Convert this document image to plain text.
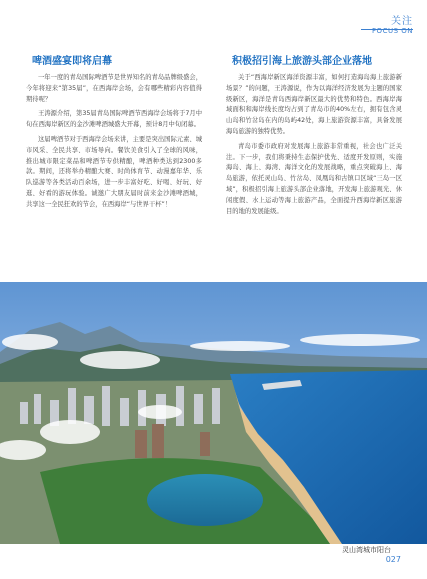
关注
FOCUS ON
啤酒盛宴即将启幕

一年一度的青岛国际啤酒节是世界知名的青岛品牌级盛会，今年将迎来“第35届”，在西海岸会场，会有哪些精彩内容值得期待呢？

王涛源介绍，第35届青岛国际啤酒节西海岸会场将于7月中旬在西海岸新区的金沙滩啤酒城盛大开幕，预计8月中旬闭幕。

这届啤酒节对于西海岸会场来讲，主要是突出国际元素、城市风采、全民共享、市场导向。餐饮美食引入了全球的风味，推出城市限定菜品和啤酒节专供精酿，啤酒种类达到2300多款。期间，还将举办精酿大赛、时尚体育节、动漫嘉年华、乐队巡游等各类活动百余场，进一步丰富好吃、好喝、好玩、好逛、好看的游玩体验。诚邀广大朋友届时前来金沙滩啤酒城，共享这一全民狂欢的节会，在西海岸“与世界干杯”！

积极招引海上旅游头部企业落地

关于“西海岸新区海洋资源丰富，如何打造海岛海上旅游新场景？”的问题，王涛源说，作为以海洋经济发展为主题的国家级新区，海洋是青岛西海岸新区最大的优势和特色。西海岸海域面积和海岸线长度均占到了青岛市的40%左右，拥有包含灵山岛和竹岔岛在内的岛屿42处，海上旅游资源丰富，具备发展海岛旅游的独特优势。

青岛市委市政府对发展海上旅游非常重视，社会也广泛关注。下一步，我们将秉持生态保护优先、适度开发原则，实施海岛、海上、海湾、海洋文化的发展战略，重点突破海上、海岛旅游，依托灵山岛、竹岔岛、凤凰岛和古镇口区域“三岛一区域”，积极招引海上旅游头部企业落地，开发海上旅游观光、休闲度假、水上运动等海上旅游产品，全面提升西海岸新区旅游目的地的发展能级。

灵山湾城市阳台
027
